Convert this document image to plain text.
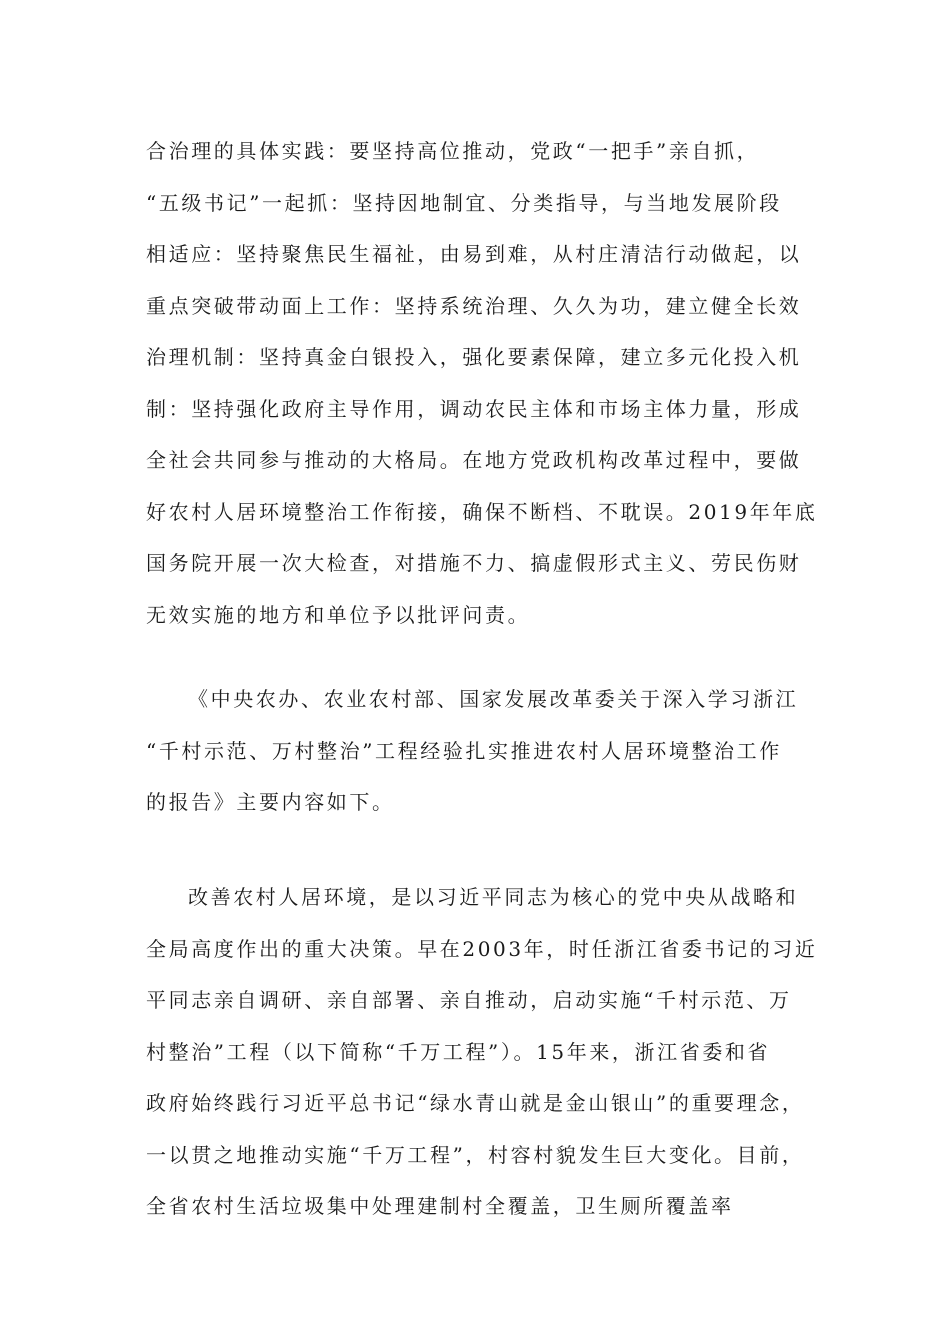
合治理的具体实践：要坚持高位推动，党政“一把手”亲自抓，
“五级书记”一起抓：坚持因地制宜、分类指导，与当地发展阶段
相适应：坚持聚焦民生福祉，由易到难，从村庄清洁行动做起，以
重点突破带动面上工作：坚持系统治理、久久为功，建立健全长效
治理机制：坚持真金白银投入，强化要素保障，建立多元化投入机
制：坚持强化政府主导作用，调动农民主体和市场主体力量，形成
全社会共同参与推动的大格局。在地方党政机构改革过程中，要做
好农村人居环境整治工作衔接，确保不断档、不耽误。2019年年底
国务院开展一次大检查，对措施不力、搞虚假形式主义、劳民伤财
无效实施的地方和单位予以批评问责。
《中央农办、农业农村部、国家发展改革委关于深入学习浙江
“千村示范、万村整治”工程经验扎实推进农村人居环境整治工作
的报告》主要内容如下。
改善农村人居环境，是以习近平同志为核心的党中央从战略和
全局高度作出的重大决策。早在2003年，时任浙江省委书记的习近
平同志亲自调研、亲自部署、亲自推动，启动实施“千村示范、万
村整治”工程（以下简称“千万工程”）。15年来，浙江省委和省
政府始终践行习近平总书记“绿水青山就是金山银山”的重要理念，
一以贯之地推动实施“千万工程”，村容村貌发生巨大变化。目前，
全省农村生活垃圾集中处理建制村全覆盖，卫生厕所覆盖率
